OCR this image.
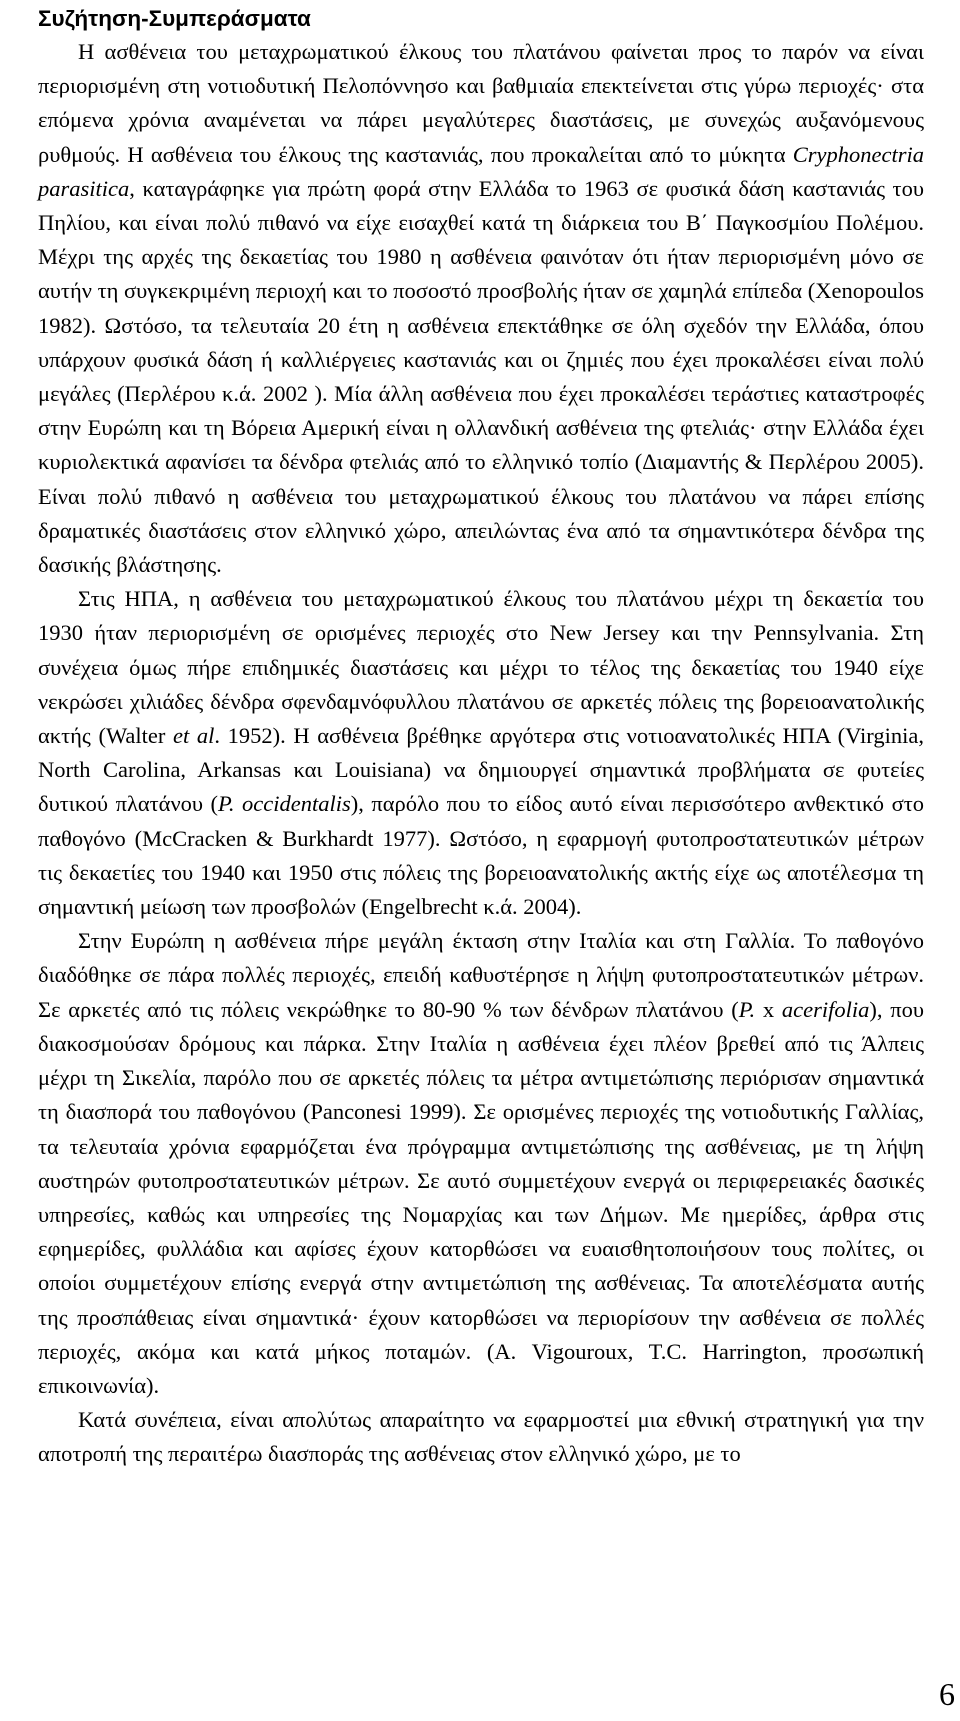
Συζήτηση-Συμπεράσματα

Η ασθένεια του μεταχρωματικού έλκους του πλατάνου φαίνεται προς το παρόν να είναι περιορισμένη στη νοτιοδυτική Πελοπόννησο και βαθμιαία επεκτείνεται στις γύρω περιοχές· στα επόμενα χρόνια αναμένεται να πάρει μεγαλύτερες διαστάσεις, με συνεχώς αυξανόμενους ρυθμούς. Η ασθένεια του έλκους της καστανιάς, που προκαλείται από το μύκητα Cryphonectria parasitica, καταγράφηκε για πρώτη φορά στην Ελλάδα το 1963 σε φυσικά δάση καστανιάς του Πηλίου, και είναι πολύ πιθανό να είχε εισαχθεί κατά τη διάρκεια του Β΄ Παγκοσμίου Πολέμου. Μέχρι της αρχές της δεκαετίας του 1980 η ασθένεια φαινόταν ότι ήταν περιορισμένη μόνο σε αυτήν τη συγκεκριμένη περιοχή και το ποσοστό προσβολής ήταν σε χαμηλά επίπεδα (Xenopoulos 1982). Ωστόσο, τα τελευταία 20 έτη η ασθένεια επεκτάθηκε σε όλη σχεδόν την Ελλάδα, όπου υπάρχουν φυσικά δάση ή καλλιέργειες καστανιάς και οι ζημιές που έχει προκαλέσει είναι πολύ μεγάλες (Περλέρου κ.ά. 2002 ). Μία άλλη ασθένεια που έχει προκαλέσει τεράστιες καταστροφές στην Ευρώπη και τη Βόρεια Αμερική είναι η ολλανδική ασθένεια της φτελιάς· στην Ελλάδα έχει κυριολεκτικά αφανίσει τα δένδρα φτελιάς από το ελληνικό τοπίο (Διαμαντής & Περλέρου 2005). Είναι πολύ πιθανό η ασθένεια του μεταχρωματικού έλκους του πλατάνου να πάρει επίσης δραματικές διαστάσεις στον ελληνικό χώρο, απειλώντας ένα από τα σημαντικότερα δένδρα της δασικής βλάστησης.

Στις ΗΠΑ, η ασθένεια του μεταχρωματικού έλκους του πλατάνου μέχρι τη δεκαετία του 1930 ήταν περιορισμένη σε ορισμένες περιοχές στο New Jersey και την Pennsylvania. Στη συνέχεια όμως πήρε επιδημικές διαστάσεις και μέχρι το τέλος της δεκαετίας του 1940 είχε νεκρώσει χιλιάδες δένδρα σφενδαμνόφυλλου πλατάνου σε αρκετές πόλεις της βορειοανατολικής ακτής (Walter et al. 1952). Η ασθένεια βρέθηκε αργότερα στις νοτιοανατολικές ΗΠΑ (Virginia, North Carolina, Arkansas και Louisiana) να δημιουργεί σημαντικά προβλήματα σε φυτείες δυτικού πλατάνου (P. occidentalis), παρόλο που το είδος αυτό είναι περισσότερο ανθεκτικό στο παθογόνο (McCracken & Burkhardt 1977). Ωστόσο, η εφαρμογή φυτοπροστατευτικών μέτρων τις δεκαετίες του 1940 και 1950 στις πόλεις της βορειοανατολικής ακτής είχε ως αποτέλεσμα τη σημαντική μείωση των προσβολών (Engelbrecht κ.ά. 2004).

Στην Ευρώπη η ασθένεια πήρε μεγάλη έκταση στην Ιταλία και στη Γαλλία. Το παθογόνο διαδόθηκε σε πάρα πολλές περιοχές, επειδή καθυστέρησε η λήψη φυτοπροστατευτικών μέτρων. Σε αρκετές από τις πόλεις νεκρώθηκε το 80-90 % των δένδρων πλατάνου (P. x acerifolia), που διακοσμούσαν δρόμους και πάρκα. Στην Ιταλία η ασθένεια έχει πλέον βρεθεί από τις Άλπεις μέχρι τη Σικελία, παρόλο που σε αρκετές πόλεις τα μέτρα αντιμετώπισης περιόρισαν σημαντικά τη διασπορά του παθογόνου (Panconesi 1999). Σε ορισμένες περιοχές της νοτιοδυτικής Γαλλίας, τα τελευταία χρόνια εφαρμόζεται ένα πρόγραμμα αντιμετώπισης της ασθένειας, με τη λήψη αυστηρών φυτοπροστατευτικών μέτρων. Σε αυτό συμμετέχουν ενεργά οι περιφερειακές δασικές υπηρεσίες, καθώς και υπηρεσίες της Νομαρχίας και των Δήμων. Με ημερίδες, άρθρα στις εφημερίδες, φυλλάδια και αφίσες έχουν κατορθώσει να ευαισθητοποιήσουν τους πολίτες, οι οποίοι συμμετέχουν επίσης ενεργά στην αντιμετώπιση της ασθένειας. Τα αποτελέσματα αυτής της προσπάθειας είναι σημαντικά· έχουν κατορθώσει να περιορίσουν την ασθένεια σε πολλές περιοχές, ακόμα και κατά μήκος ποταμών. (A. Vigouroux, T.C. Harrington, προσωπική επικοινωνία).

Κατά συνέπεια, είναι απολύτως απαραίτητο να εφαρμοστεί μια εθνική στρατηγική για την αποτροπή της περαιτέρω διασποράς της ασθένειας στον ελληνικό χώρο, με το

6
